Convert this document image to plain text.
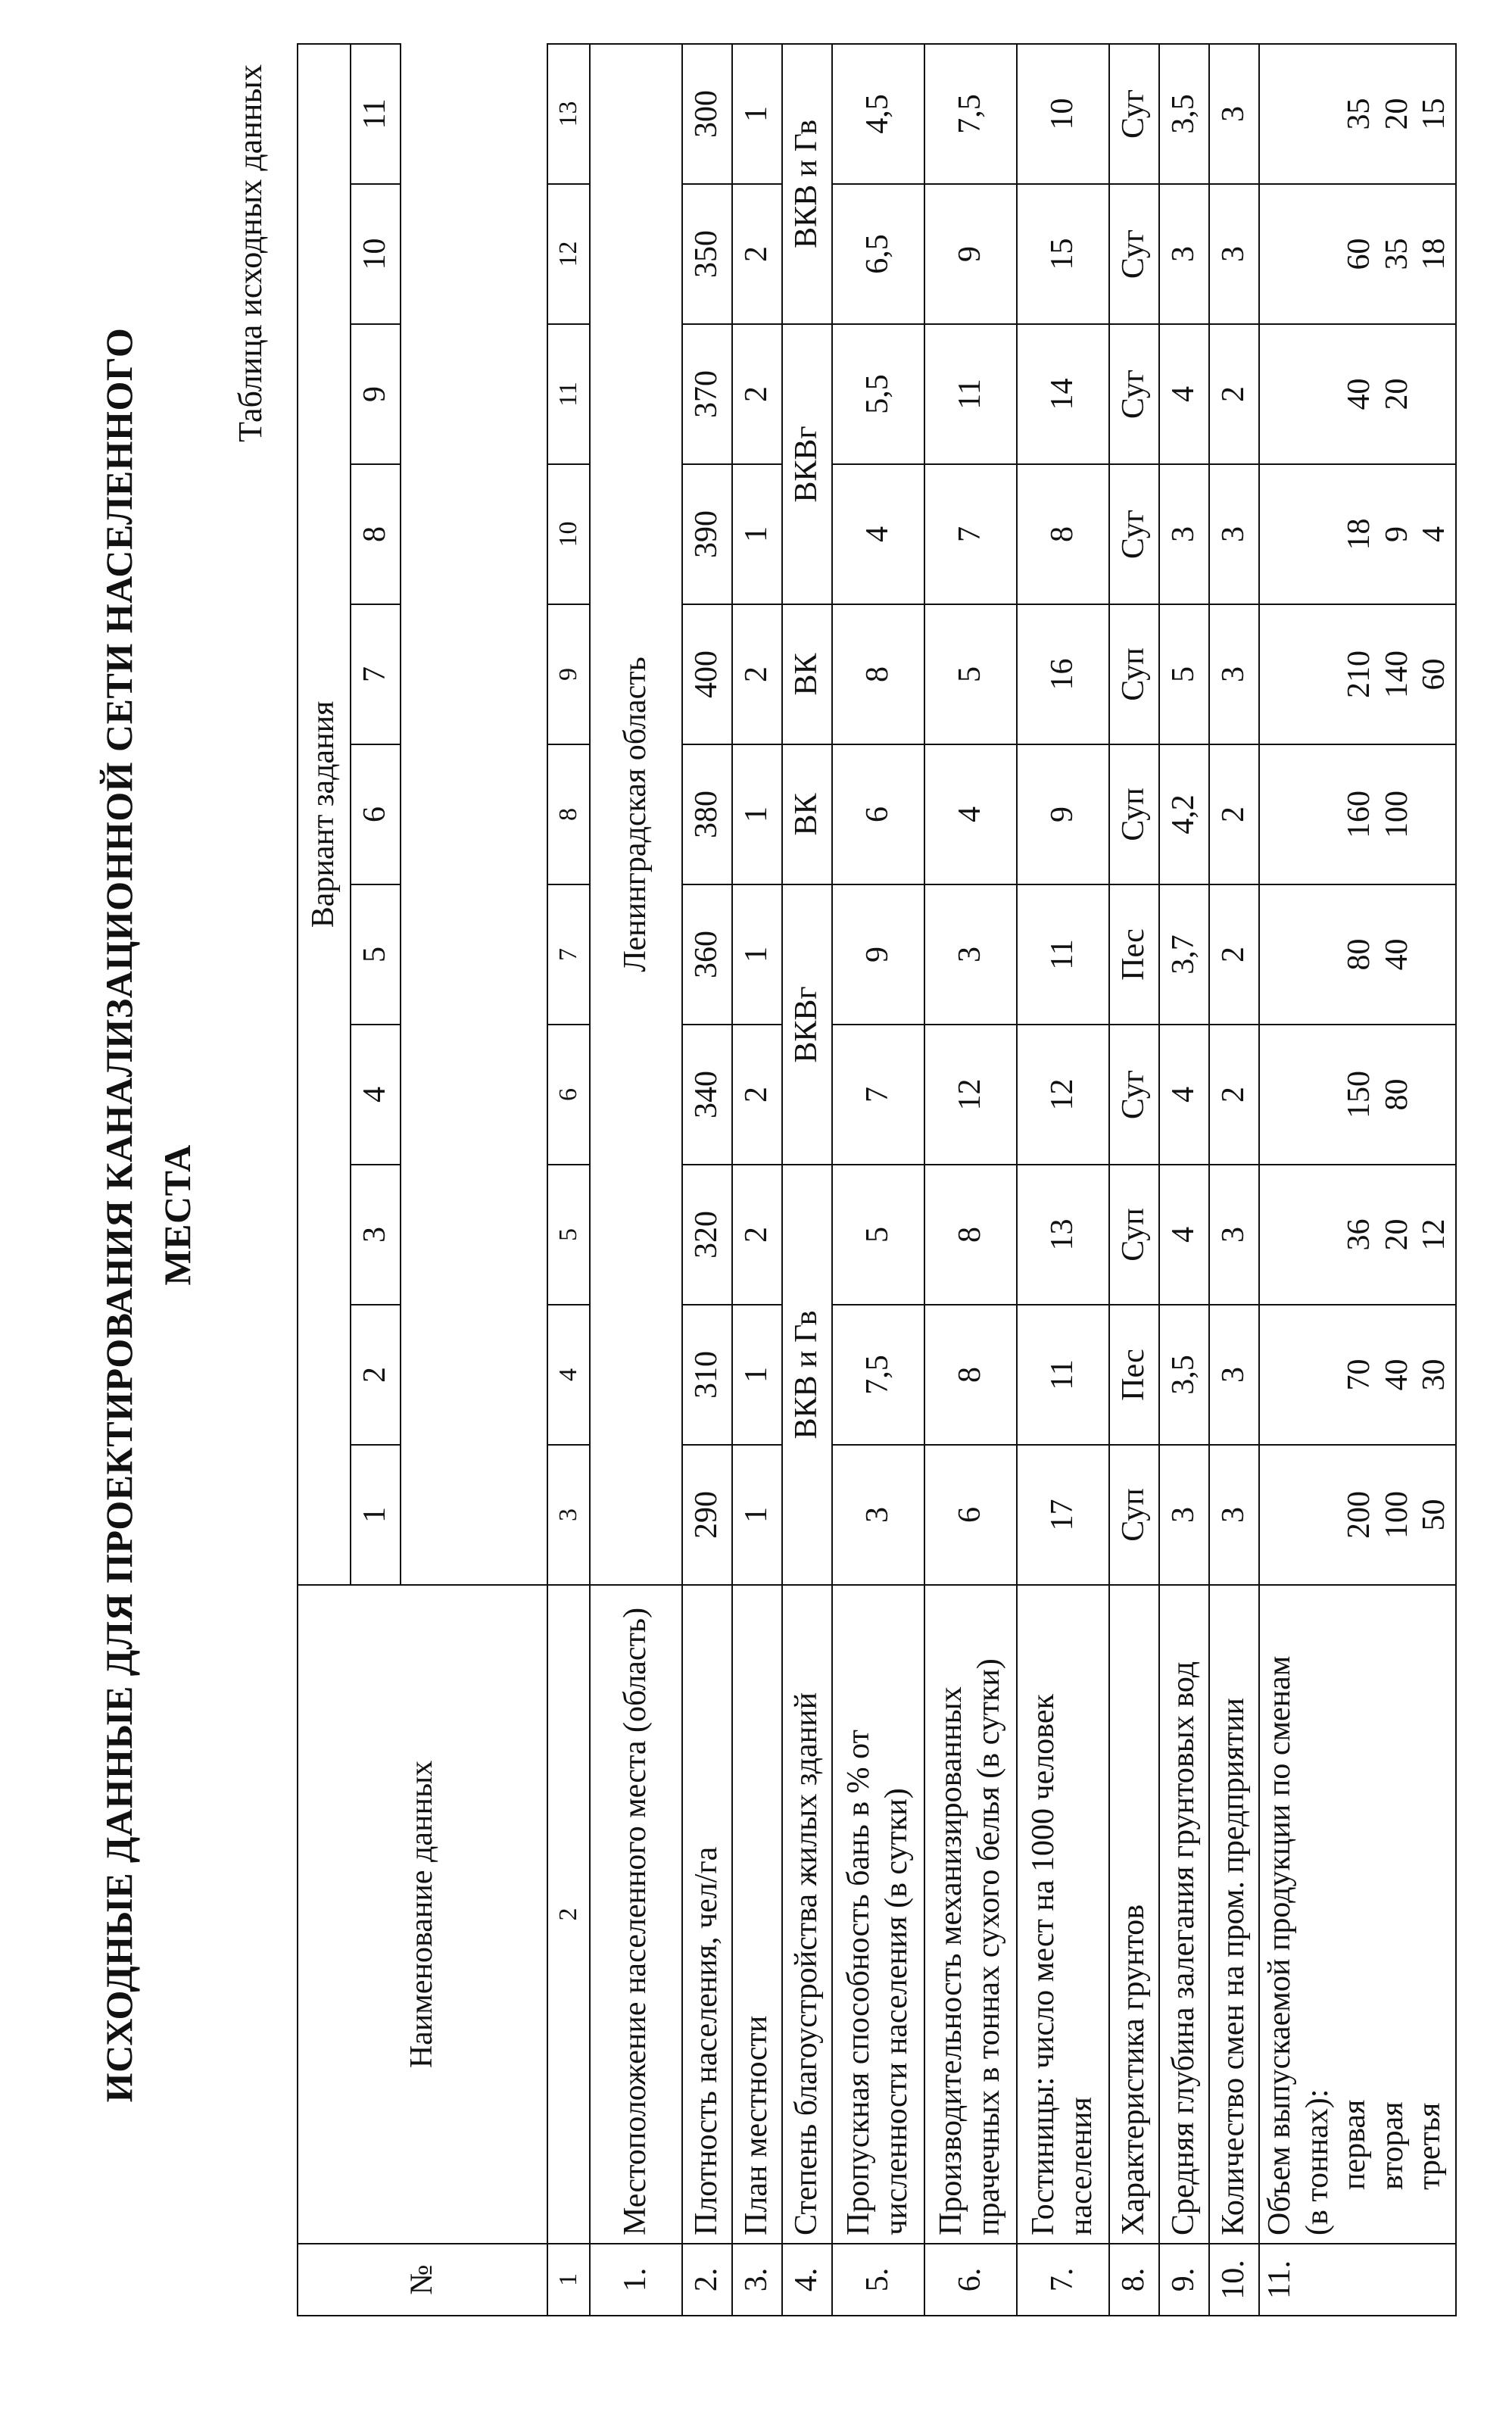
ИСХОДНЫЕ ДАННЫЕ ДЛЯ ПРОЕКТИРОВАНИЯ КАНАЛИЗАЦИОННОЙ СЕТИ НАСЕЛЕННОГО МЕСТА
Таблица исходных данных
№	Наименование данных	Вариант задания										
		1	2	3	4	5	6	7	8	9	10	11

1	2	3	4	5	6	7	8	9	10	11	12	13
1.	Местоположение населенного места (область)	Ленинградская область										
2.	Плотность населения, чел/га	290	310	320	340	360	380	400	390	370	350	300
3.	План местности	1	1	2	2	1	1	2	1	2	2	1
4.	Степень благоустройства жилых зданий	ВКВ и Гв			ВКВг		ВК	ВК	ВКВг		ВКВ и Гв	
5.	Пропускная способность бань в % от численности населения (в сутки)	3	7,5	5	7	9	6	8	4	5,5	6,5	4,5
6.	Производительность механизированных прачечных в тоннах сухого белья (в сутки)	6	8	8	12	3	4	5	7	11	9	7,5
7.	Гостиницы: число мест на 1000 человек населения	17	11	13	12	11	9	16	8	14	15	10
8.	Характеристика грунтов	Суп	Пес	Суп	Суг	Пес	Суп	Суп	Суг	Суг	Суг	Суг
9.	Средняя глубина залегания грунтовых вод	3	3,5	4	4	3,7	4,2	5	3	4	3	3,5
10.	Количество смен на пром. предприятии	3	3	3	2	2	2	3	3	2	3	3
11.	Объем выпускаемой продукции по сменам (в тоннах): первая вторая третья	200 100 50	70 40 30	36 20 12	150 80	80 40	160 100	210 140 60	18 9 4	40 20	60 35 18	35 20 15
